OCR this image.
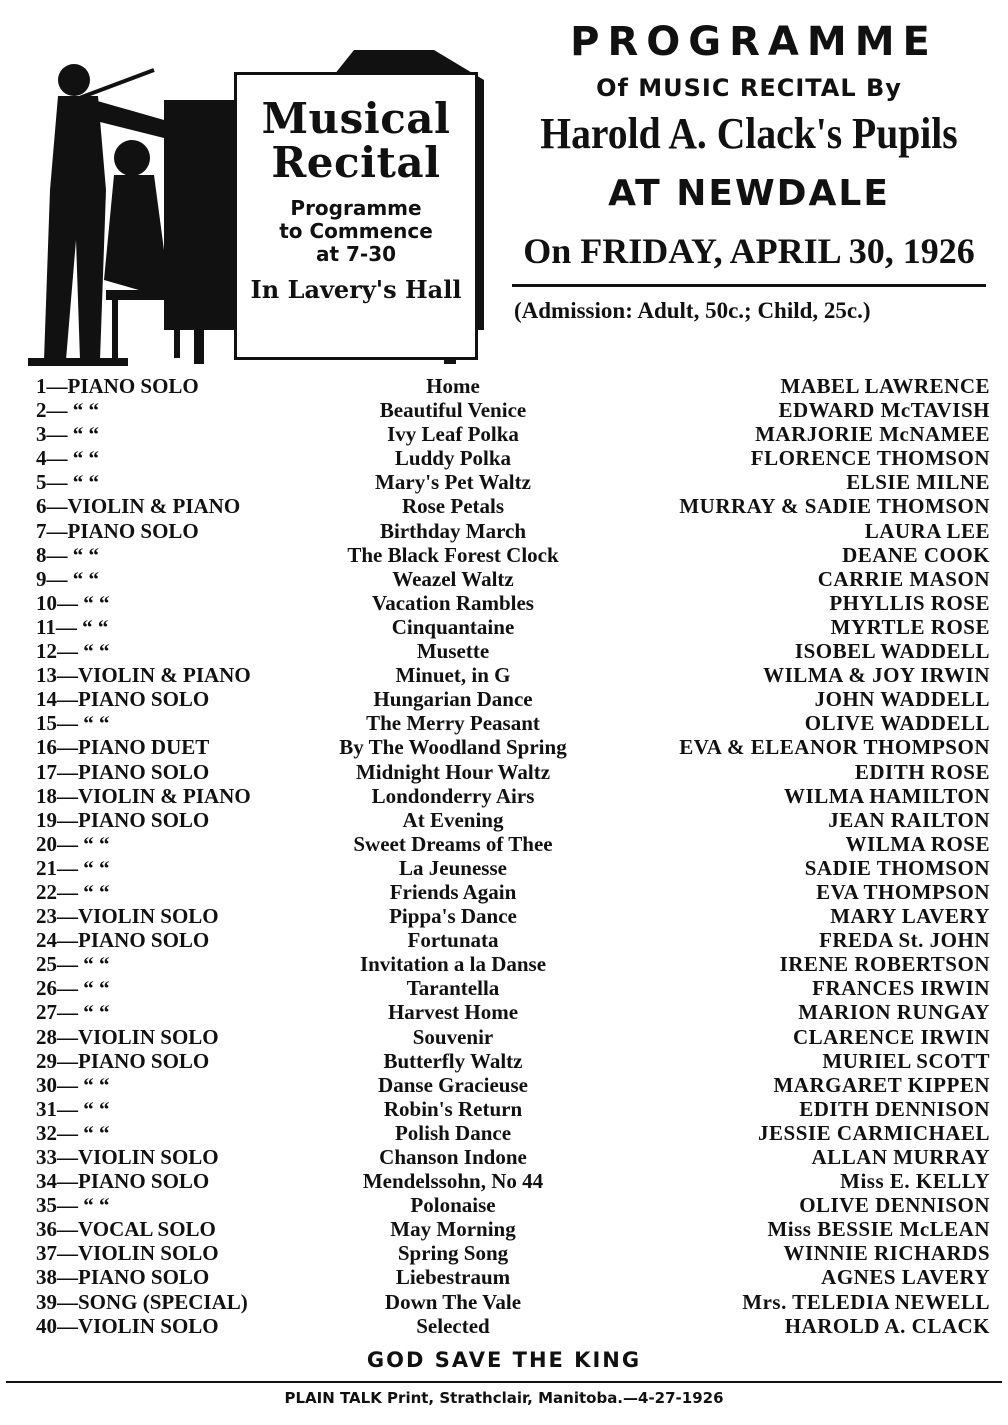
Musical
Recital
Programme
to Commence
at 7-30
In Lavery's Hall
PROGRAMME
Of MUSIC RECITAL By
Harold A. Clack's Pupils
AT NEWDALE
On FRIDAY, APRIL 30, 1926
(Admission: Adult, 50c.; Child, 25c.)
1—PIANO SOLO	Home	MABEL LAWRENCE
2— “ “	Beautiful Venice	EDWARD McTAVISH
3— “ “	Ivy Leaf Polka	MARJORIE McNAMEE
4— “ “	Luddy Polka	FLORENCE THOMSON
5— “ “	Mary's Pet Waltz	ELSIE MILNE
6—VIOLIN & PIANO	Rose Petals	MURRAY & SADIE THOMSON
7—PIANO SOLO	Birthday March	LAURA LEE
8— “ “	The Black Forest Clock	DEANE COOK
9— “ “	Weazel Waltz	CARRIE MASON
10— “ “	Vacation Rambles	PHYLLIS ROSE
11— “ “	Cinquantaine	MYRTLE ROSE
12— “ “	Musette	ISOBEL WADDELL
13—VIOLIN & PIANO	Minuet, in G	WILMA & JOY IRWIN
14—PIANO SOLO	Hungarian Dance	JOHN WADDELL
15— “ “	The Merry Peasant	OLIVE WADDELL
16—PIANO DUET	By The Woodland Spring	EVA & ELEANOR THOMPSON
17—PIANO SOLO	Midnight Hour Waltz	EDITH ROSE
18—VIOLIN & PIANO	Londonderry Airs	WILMA HAMILTON
19—PIANO SOLO	At Evening	JEAN RAILTON
20— “ “	Sweet Dreams of Thee	WILMA ROSE
21— “ “	La Jeunesse	SADIE THOMSON
22— “ “	Friends Again	EVA THOMPSON
23—VIOLIN SOLO	Pippa's Dance	MARY LAVERY
24—PIANO SOLO	Fortunata	FREDA St. JOHN
25— “ “	Invitation a la Danse	IRENE ROBERTSON
26— “ “	Tarantella	FRANCES IRWIN
27— “ “	Harvest Home	MARION RUNGAY
28—VIOLIN SOLO	Souvenir	CLARENCE IRWIN
29—PIANO SOLO	Butterfly Waltz	MURIEL SCOTT
30— “ “	Danse Gracieuse	MARGARET KIPPEN
31— “ “	Robin's Return	EDITH DENNISON
32— “ “	Polish Dance	JESSIE CARMICHAEL
33—VIOLIN SOLO	Chanson Indone	ALLAN MURRAY
34—PIANO SOLO	Mendelssohn, No 44	Miss E. KELLY
35— “ “	Polonaise	OLIVE DENNISON
36—VOCAL SOLO	May Morning	Miss BESSIE McLEAN
37—VIOLIN SOLO	Spring Song	WINNIE RICHARDS
38—PIANO SOLO	Liebestraum	AGNES LAVERY
39—SONG (SPECIAL)	Down The Vale	Mrs. TELEDIA NEWELL
40—VIOLIN SOLO	Selected	HAROLD A. CLACK
GOD SAVE THE KING
PLAIN TALK Print, Strathclair, Manitoba.—4-27-1926
